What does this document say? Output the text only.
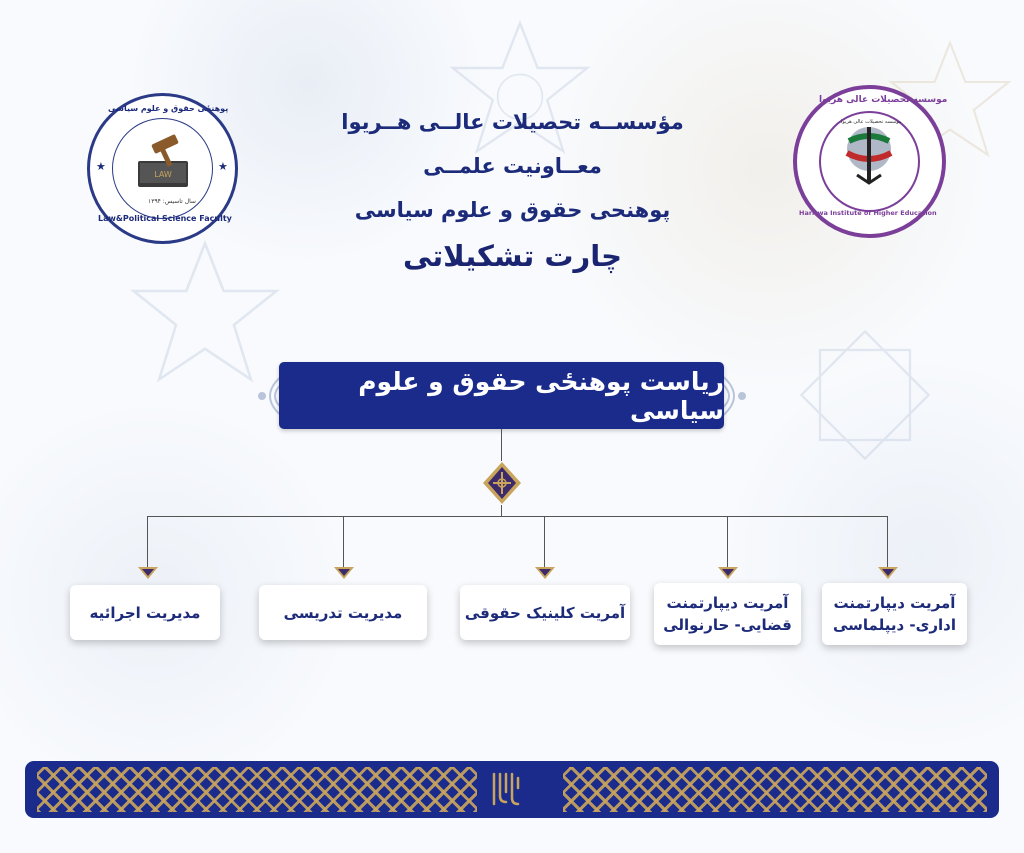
LAW
پوهنځی حقوق و علوم سیاسی
Law&Political Science Faculty
سال تاسیس: ۱۳۹۴
★	★
موسسه تحصیلات عالی هریوا
Harirwa Institute of Higher Education
موسسه تحصیلات عالی هریوا
مؤسســه تحصیلات عالــی هــریوا
معــاونیت علمــی
پوهنحی حقوق و علوم سیاسی
چارت تشکیلاتی
ریاست پوهنځی حقوق و علوم سیاسی
آمریت دیپارتمنت
اداری- دیپلماسی
آمریت دیپارتمنت
قضایی- حارنوالی
آمریت کلینیک حقوقی
مدیریت تدریسی
مدیریت اجرائیه
